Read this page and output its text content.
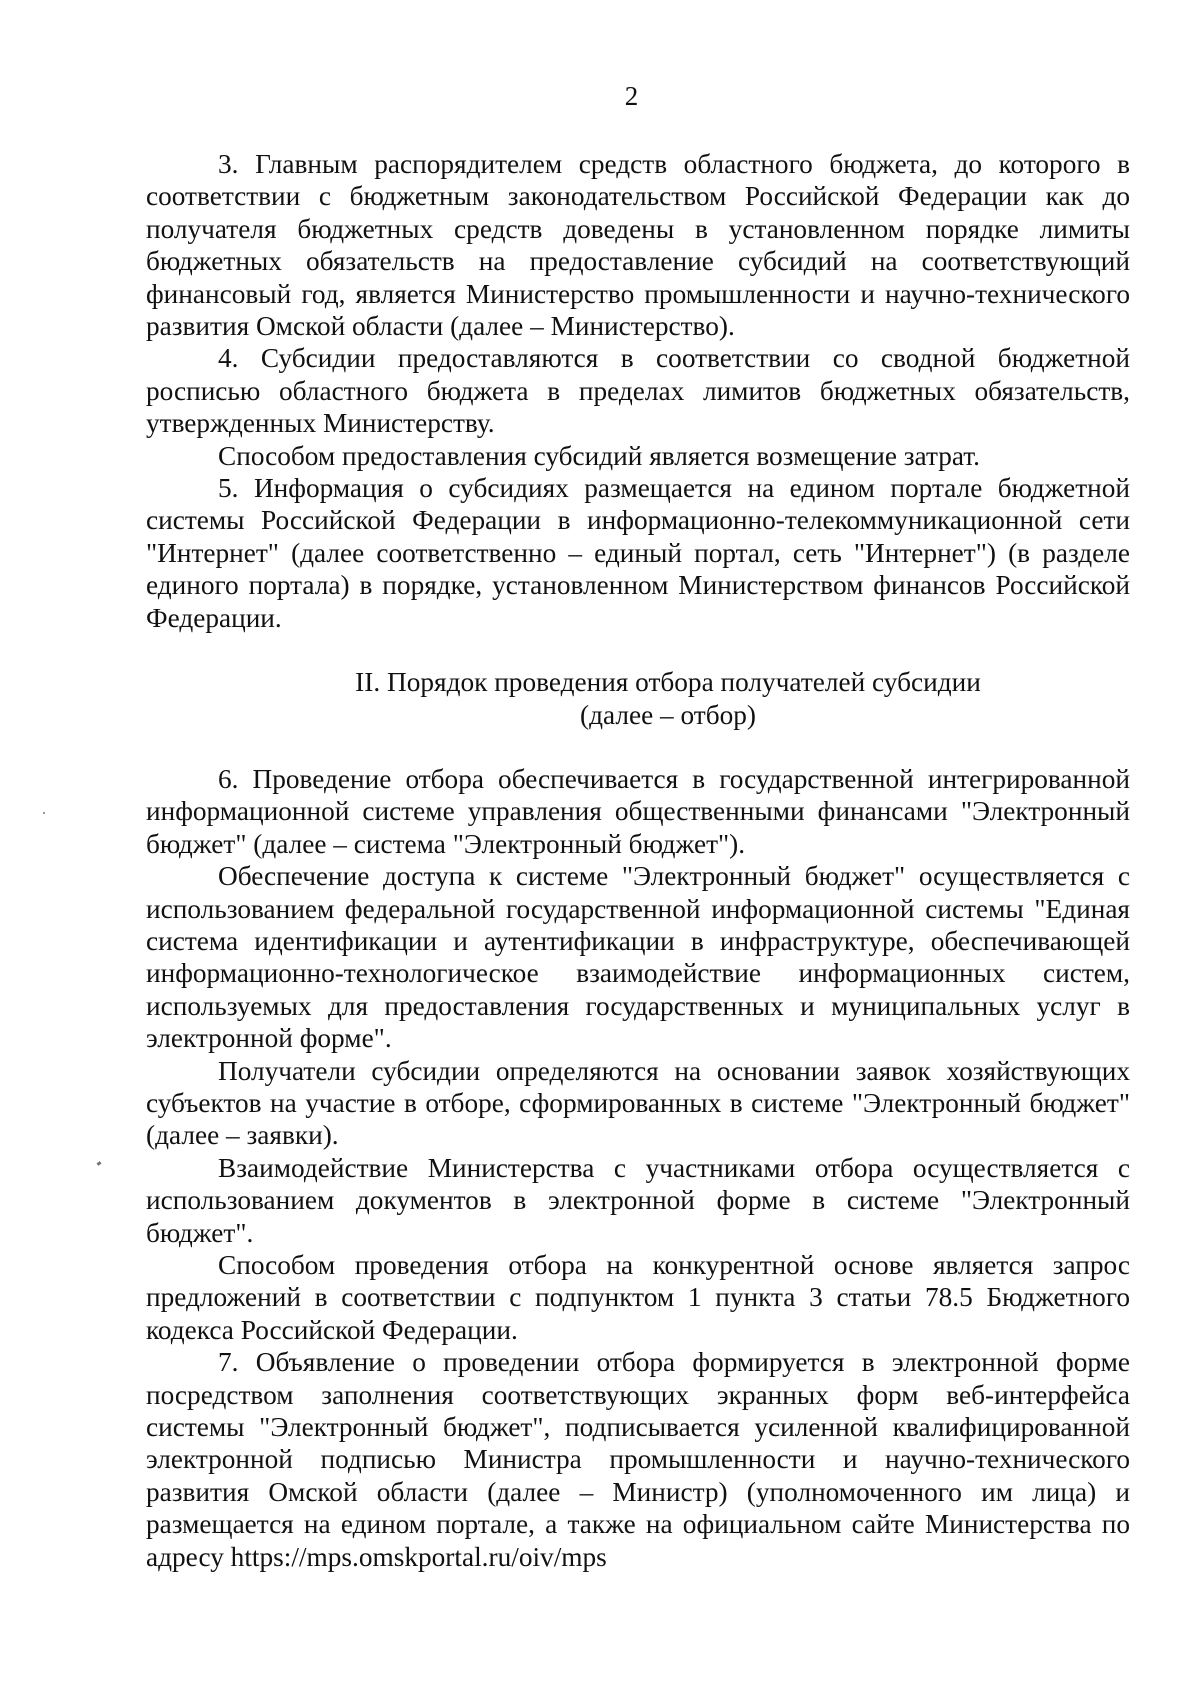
2

3. Главным распорядителем средств областного бюджета, до которого в соответствии с бюджетным законодательством Российской Федерации как до получателя бюджетных средств доведены в установленном порядке лимиты бюджетных обязательств на предоставление субсидий на соответствующий финансовый год, является Министерство промышленности и научно-технического развития Омской области (далее – Министерство).

4. Субсидии предоставляются в соответствии со сводной бюджетной росписью областного бюджета в пределах лимитов бюджетных обязательств, утвержденных Министерству.

Способом предоставления субсидий является возмещение затрат.

5. Информация о субсидиях размещается на едином портале бюджетной системы Российской Федерации в информационно-телекоммуникационной сети "Интернет" (далее соответственно – единый портал, сеть "Интернет") (в разделе единого портала) в порядке, установленном Министерством финансов Российской Федерации.

II. Порядок проведения отбора получателей субсидии
(далее – отбор)

6. Проведение отбора обеспечивается в государственной интегрированной информационной системе управления общественными финансами "Электронный бюджет" (далее – система "Электронный бюджет").

Обеспечение доступа к системе "Электронный бюджет" осуществляется с использованием федеральной государственной информационной системы "Единая система идентификации и аутентификации в инфраструктуре, обеспечивающей информационно-технологическое взаимодействие информационных систем, используемых для предоставления государственных и муниципальных услуг в электронной форме".

Получатели субсидии определяются на основании заявок хозяйствующих субъектов на участие в отборе, сформированных в системе "Электронный бюджет" (далее – заявки).

Взаимодействие Министерства с участниками отбора осуществляется с использованием документов в электронной форме в системе "Электронный бюджет".

Способом проведения отбора на конкурентной основе является запрос предложений в соответствии с подпунктом 1 пункта 3 статьи 78.5 Бюджетного кодекса Российской Федерации.

7. Объявление о проведении отбора формируется в электронной форме посредством заполнения соответствующих экранных форм веб-интерфейса системы "Электронный бюджет", подписывается усиленной квалифицированной электронной подписью Министра промышленности и научно-технического развития Омской области (далее – Министр) (уполномоченного им лица) и размещается на едином портале, а также на официальном сайте Министерства по адресу https://mps.omskportal.ru/oiv/mps
